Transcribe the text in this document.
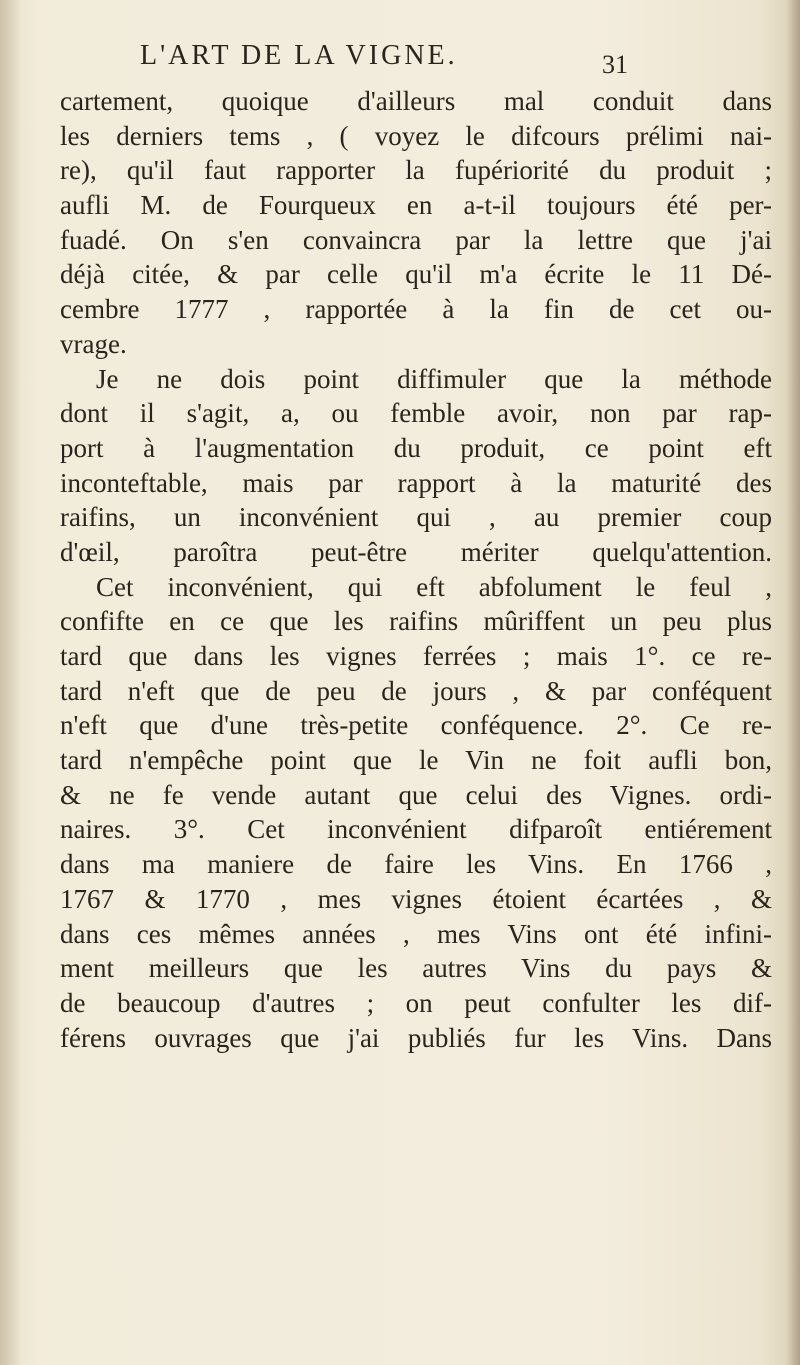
L'ART DE LA VIGNE.	31
cartement, quoique d'ailleurs mal conduit dans
les derniers tems , ( voyez le difcours prélimi nai-
re), qu'il faut rapporter la fupériorité du produit ;
aufli M. de Fourqueux en a-t-il toujours été per-
fuadé. On s'en convaincra par la lettre que j'ai
déjà citée, & par celle qu'il m'a écrite le 11 Dé-
cembre 1777 , rapportée à la fin de cet ou-
vrage.
Je ne dois point diffimuler que la méthode
dont il s'agit, a, ou femble avoir, non par rap-
port à l'augmentation du produit, ce point eft
inconteftable, mais par rapport à la maturité des
raifins, un inconvénient qui , au premier coup
d'œil, paroîtra peut-être mériter quelqu'attention.
Cet inconvénient, qui eft abfolument le feul ,
confifte en ce que les raifins mûriffent un peu plus
tard que dans les vignes ferrées ; mais 1°. ce re-
tard n'eft que de peu de jours , & par conféquent
n'eft que d'une très-petite conféquence. 2°. Ce re-
tard n'empêche point que le Vin ne foit aufli bon,
& ne fe vende autant que celui des Vignes. ordi-
naires. 3°. Cet inconvénient difparoît entiérement
dans ma maniere de faire les Vins. En 1766 ,
1767 & 1770 , mes vignes étoient écartées , &
dans ces mêmes années , mes Vins ont été infini-
ment meilleurs que les autres Vins du pays &
de beaucoup d'autres ; on peut confulter les dif-
férens ouvrages que j'ai publiés fur les Vins. Dans
